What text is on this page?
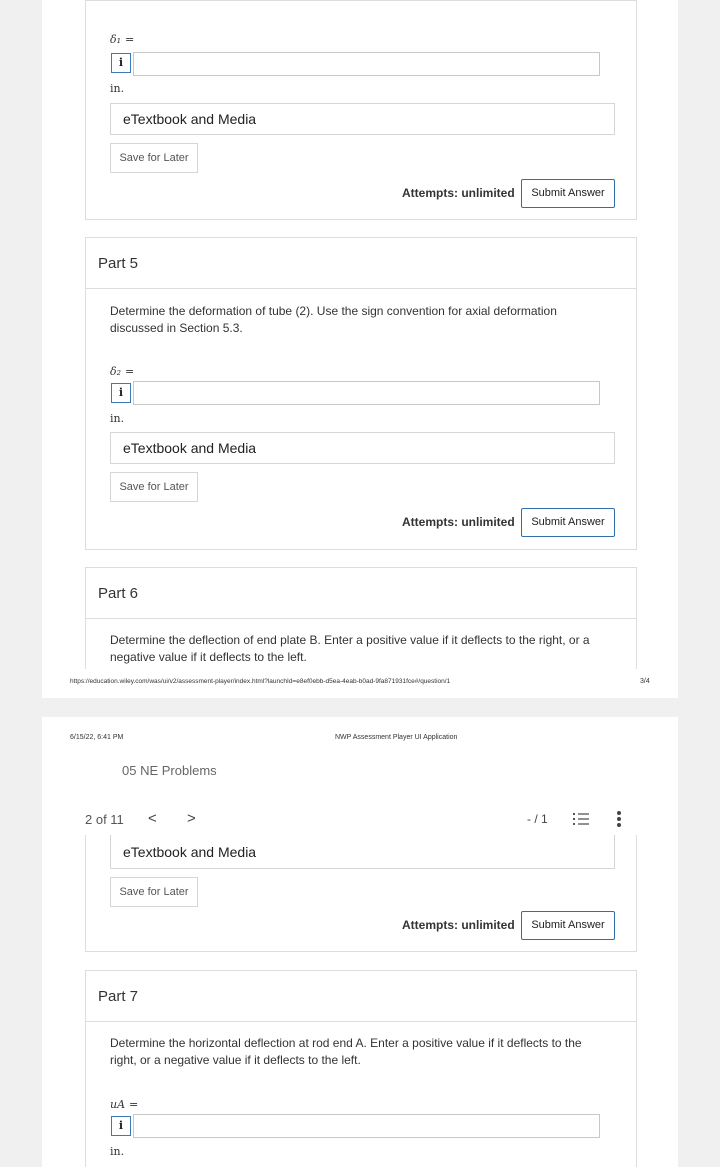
δ₁ =
i
in.
eTextbook and Media
Save for Later
Attempts: unlimited	Submit Answer
Part 5
Determine the deformation of tube (2). Use the sign convention for axial deformation
discussed in Section 5.3.
δ₂ =
i
in.
eTextbook and Media
Save for Later
Attempts: unlimited	Submit Answer
Part 6
Determine the deflection of end plate B. Enter a positive value if it deflects to the right, or a
negative value if it deflects to the left.
https://education.wiley.com/was/ui/v2/assessment-player/index.html?launchId=e8ef0ebb-d5ea-4eab-b0ad-9fa871931fce#/question/1	3/4
eTextbook and Media
Save for Later
Attempts: unlimited	Submit Answer
Part 7
Determine the horizontal deflection at rod end A. Enter a positive value if it deflects to the
right, or a negative value if it deflects to the left.
uA =
i
in.
6/15/22, 6:41 PM	NWP Assessment Player UI Application
05 NE Problems
2 of 11 < >	- / 1
